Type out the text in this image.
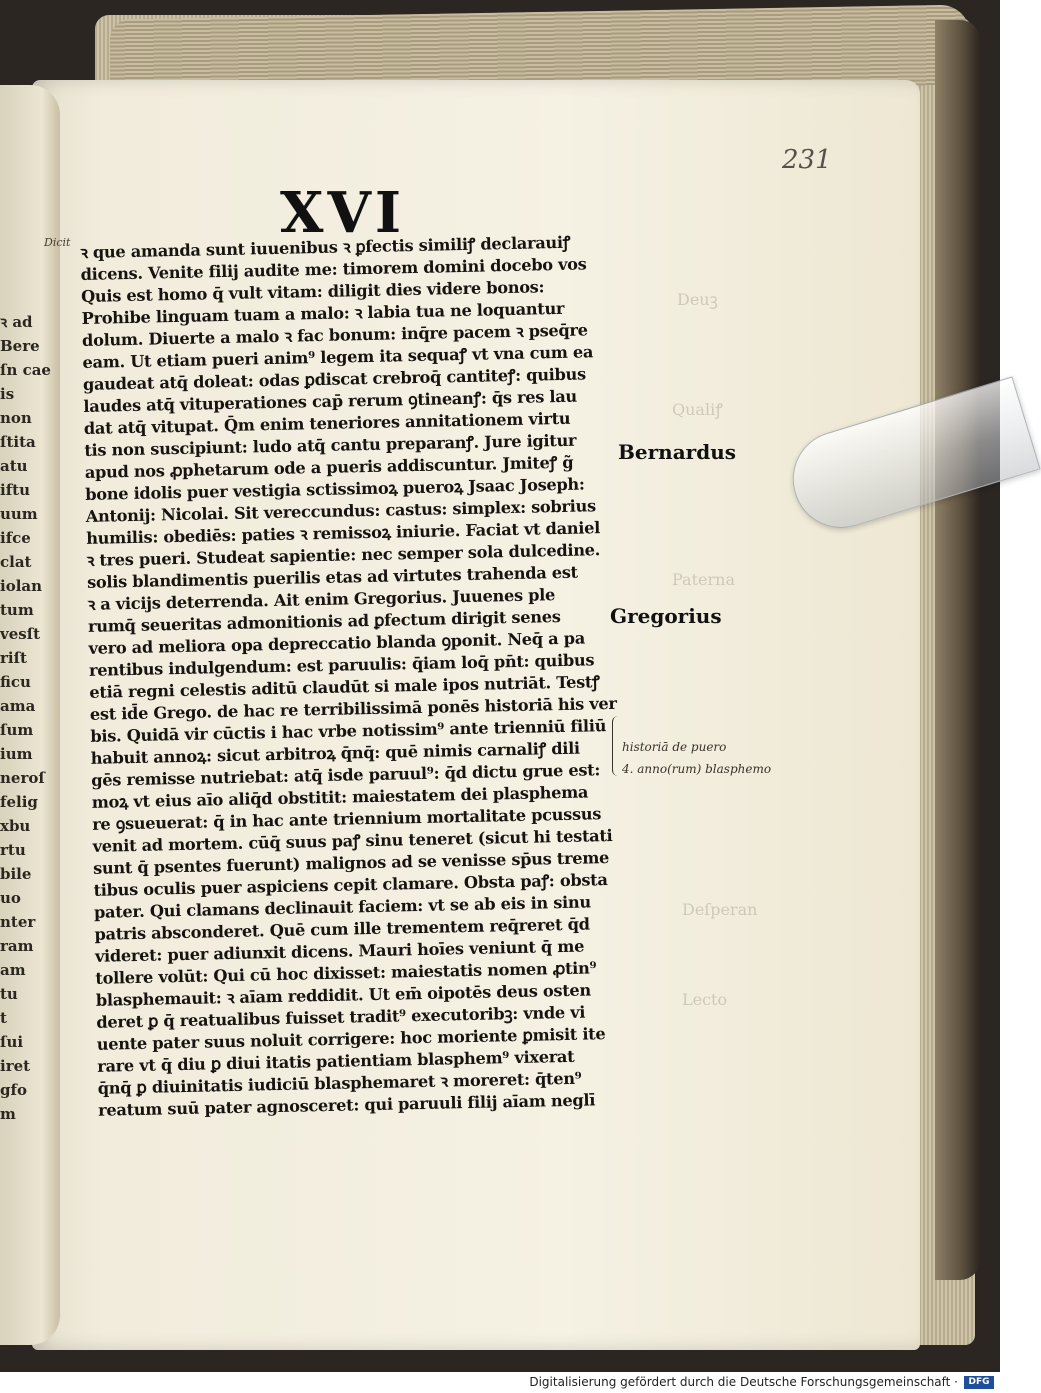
Deuꝫ
Qualiꝭ
Paterna
Deſperan
Lecto
ꝛ ad
Bere
ſn cae
is
non
ſtita
atu
iftu
uum
ifce
clat
iolan
tum
vesſt
riſt
ficu
ama
ſum
ium
neroſ
felig
xbu
rtu
bile
uo
nter
ram
am
tu
t
ſui
iret
gfo
m
231
XVI
Dicit ꝛ que amanda sunt iuuenibus ꝛ ꝑfectis similiꝭ declarauiꝭ
dicens. Venite filij audite me: timorem domini docebo vos
Quis est homo q̄ vult vitam: diligit dies videre bonos:
Prohibe linguam tuam a malo: ꝛ labia tua ne loquantur
dolum. Diuerte a malo ꝛ fac bonum: inq̄re pacem ꝛ pseq̄re
eam. Ut etiam pueri anim⁹ legem ita sequaꝭ vt vna cum ea
gaudeat atq̄ doleat: odas ꝑdiscat crebroq̄ cantiteꝭ: quibus
laudes atq̄ vituperationes cap̄ rerum ꝯtineanꝭ: q̄s res lau
dat atq̄ vitupat. Q̄m enim teneriores annitationem virtu
tis non suscipiunt: ludo atq̄ cantu preparanꝭ. Jure igitur
apud nos ꝓphetarum ode a pueris addiscuntur. Jmiteꝭ g̃
bone idolis puer vestigia sctissimoꝝ pueroꝝ Jsaac Joseph:
Antonij: Nicolai. Sit vereccundus: castus: simplex: sobrius
humilis: obediēs: paties ꝛ remissoꝝ iniurie. Faciat vt daniel
ꝛ tres pueri. Studeat sapientie: nec semper sola dulcedine.
solis blandimentis puerilis etas ad virtutes trahenda est
ꝛ a vicijs deterrenda. Ait enim Gregorius. Juuenes ple
rumq̄ seueritas admonitionis ad ꝑfectum dirigit senes
vero ad meliora opa depreccatio blanda ꝯponit. Neq̄ a pa
rentibus indulgendum: est paruulis: q̄iam loq̄ pn̄t: quibus
etiā regni celestis aditū claudūt si male ipos nutriāt. Testꝭ
est id̄e Grego. de hac re terribilissimā ponēs historiā his ver
bis. Quidā vir cūctis i hac vrbe notissim⁹ ante trienniū filiū
habuit annoꝝ: sicut arbitroꝝ q̄nq̄: quē nimis carnaliꝭ dili
gēs remisse nutriebat: atq̄ isde paruul⁹: q̄d dictu grue est:
moꝝ vt eius aīo aliq̄d obstitit: maiestatem dei plasphema
re ꝯsueuerat: q̄ in hac ante triennium mortalitate pcussus
venit ad mortem. cūq̄ suus paꝭ sinu teneret (sicut hi testati
sunt q̄ psentes fuerunt) malignos ad se venisse sp̄us treme
tibus oculis puer aspiciens cepit clamare. Obsta paꝭ: obsta
pater. Qui clamans declinauit faciem: vt se ab eis in sinu
patris absconderet. Quē cum ille trementem req̄reret q̄d
videret: puer adiunxit dicens. Mauri hoīes veniunt q̄ me
tollere volūt: Qui cū hoc dixisset: maiestatis nomen ꝓtin⁹
blasphemauit: ꝛ aīam reddidit. Ut em̄ oipotēs deus osten
deret ꝑ q̄ reatualibus fuisset tradit⁹ executoribꝫ: vnde vi
uente pater suus noluit corrigere: hoc moriente ꝑmisit ite
rare vt q̄ diu ꝑ diui̇ itatis patientiam blasphem⁹ vixerat
q̄nq̄ ꝑ diuinitatis iudiciū blasphemaret ꝛ moreret: q̄ten⁹
reatum suū pater agnosceret: qui paruuli filij aīam neglī
Bernardus
Gregorius
historiā de puero
4. anno(rum) blasphemo
Digitalisierung gefördert durch die Deutsche Forschungsgemeinschaft ·	DFG
